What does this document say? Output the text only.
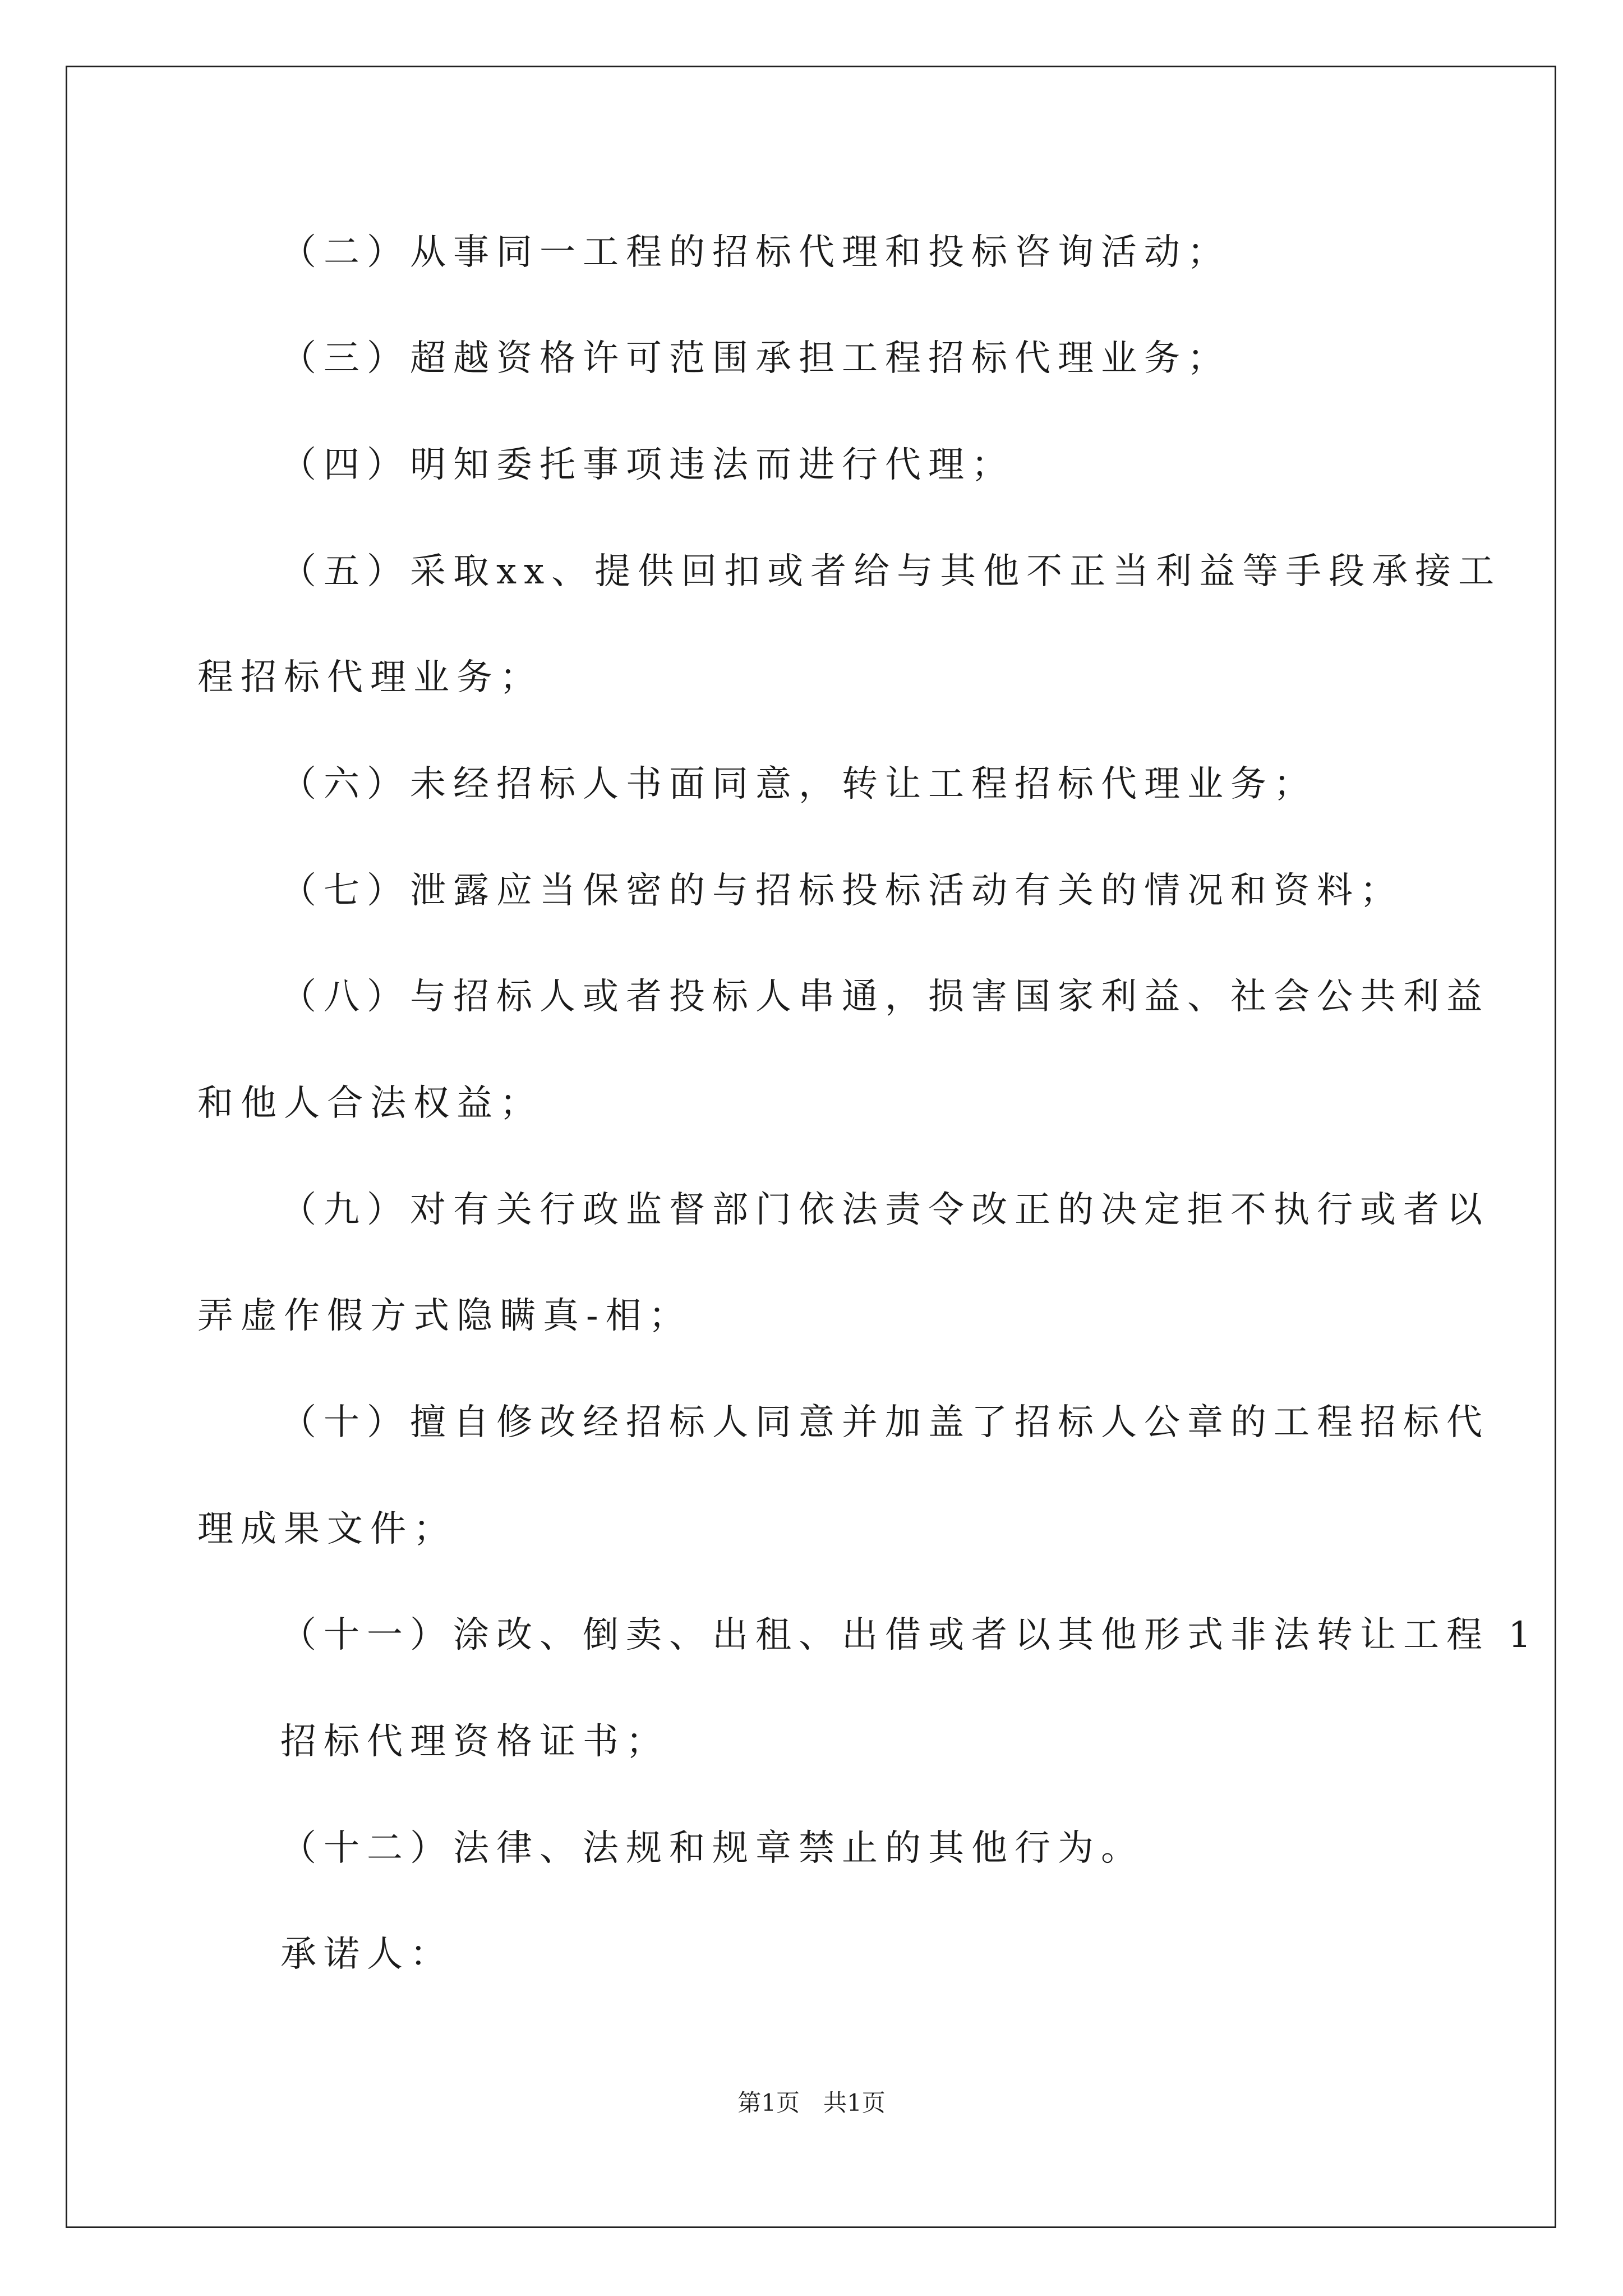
（二）从事同一工程的招标代理和投标咨询活动；
（三）超越资格许可范围承担工程招标代理业务；
（四）明知委托事项违法而进行代理；
（五）采取xx、提供回扣或者给与其他不正当利益等手段承接工
程招标代理业务；
（六）未经招标人书面同意，转让工程招标代理业务；
（七）泄露应当保密的与招标投标活动有关的情况和资料；
（八）与招标人或者投标人串通，损害国家利益、社会公共利益
和他人合法权益；
（九）对有关行政监督部门依法责令改正的决定拒不执行或者以
弄虚作假方式隐瞒真-相；
（十）擅自修改经招标人同意并加盖了招标人公章的工程招标代
理成果文件；
（十一）涂改、倒卖、出租、出借或者以其他形式非法转让工程 1
招标代理资格证书；
（十二）法律、法规和规章禁止的其他行为。
承诺人：
第1页　共1页
